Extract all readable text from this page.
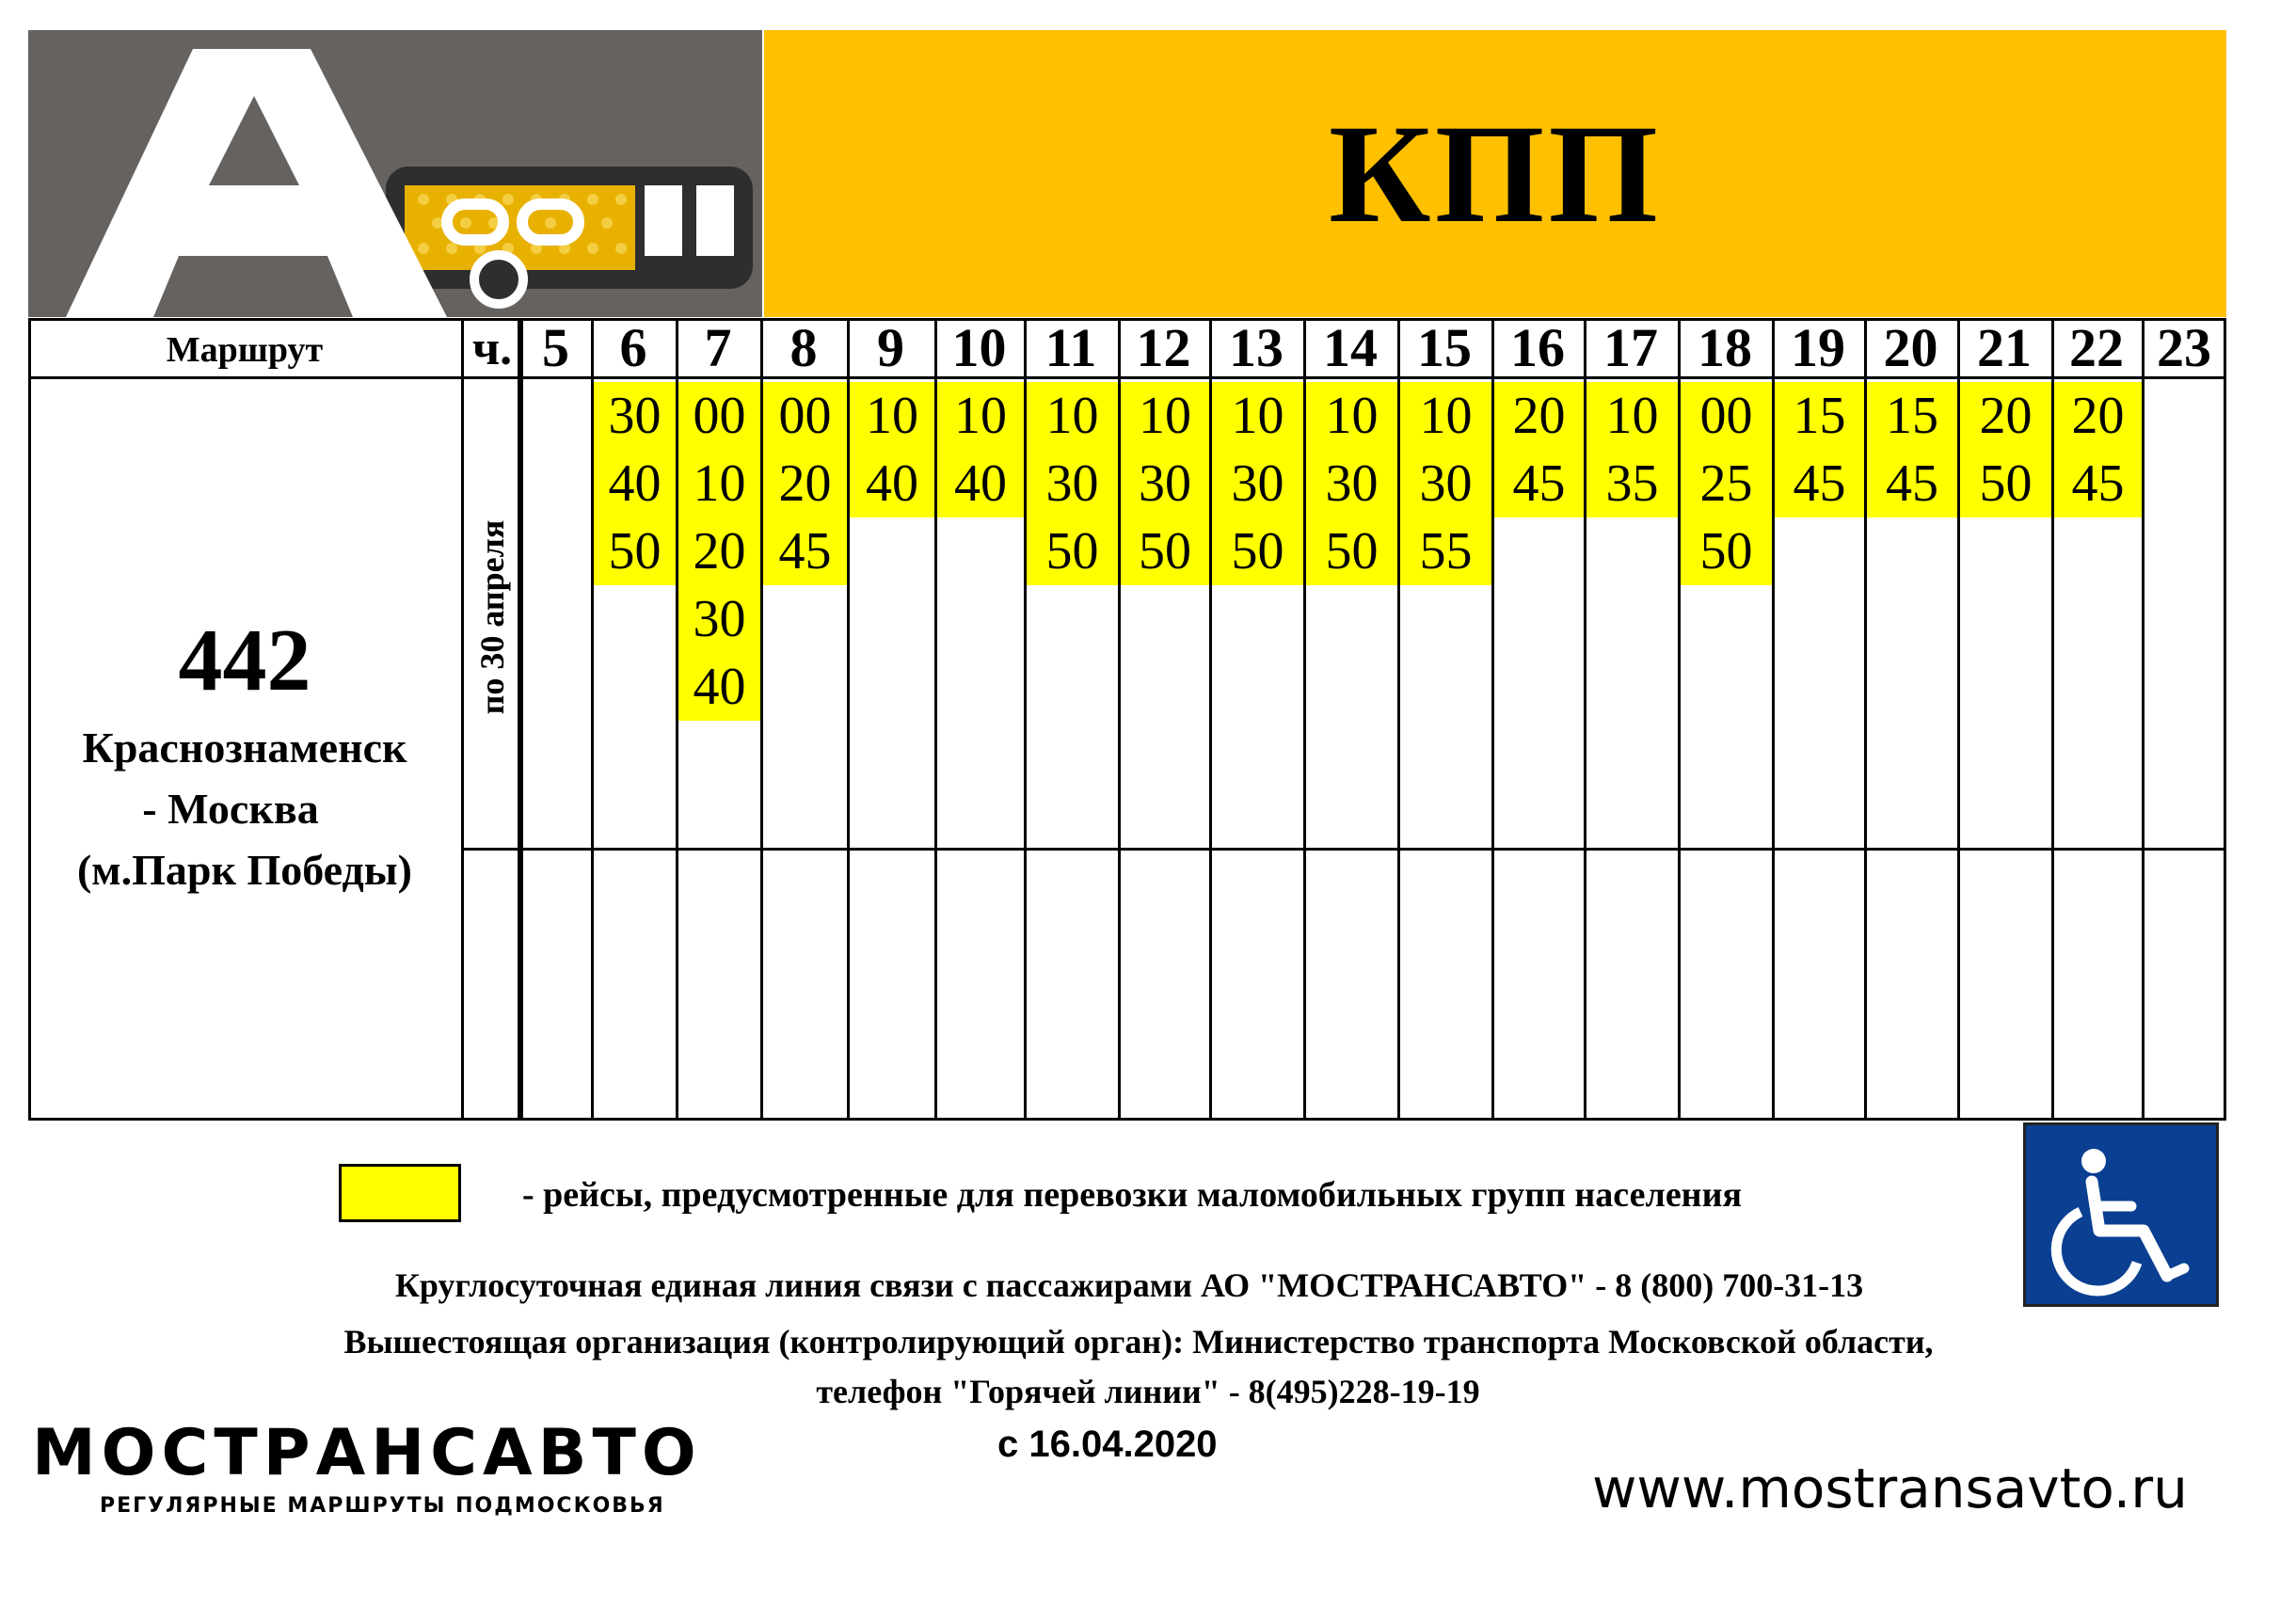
КПП
Маршрут	ч.
442
Краснознаменск
- Москва
(м.Парк Победы)
по 30 апреля
5 6
30
40
50
7
00
10
20
30
40
8
00
20
45
9
10
40
10
10
40
11
10
30
50
12
10
30
50
13
10
30
50
14
10
30
50
15
10
30
55
16
20
45
17
10
35
18
00
25
50
19
15
45
20
15
45
21
20
50
22
20
45
23
- рейсы, предусмотренные для перевозки маломобильных групп населения
Круглосуточная единая линия связи с пассажирами АО "МОСТРАНСАВТО" - 8 (800) 700-31-13
Вышестоящая организация (контролирующий орган): Министерство транспорта Московской области,
телефон "Горячей линии" - 8(495)228-19-19
МОСТРАНСАВТО
РЕГУЛЯРНЫЕ МАРШРУТЫ ПОДМОСКОВЬЯ
с 16.04.2020
www.mostransavto.ru
